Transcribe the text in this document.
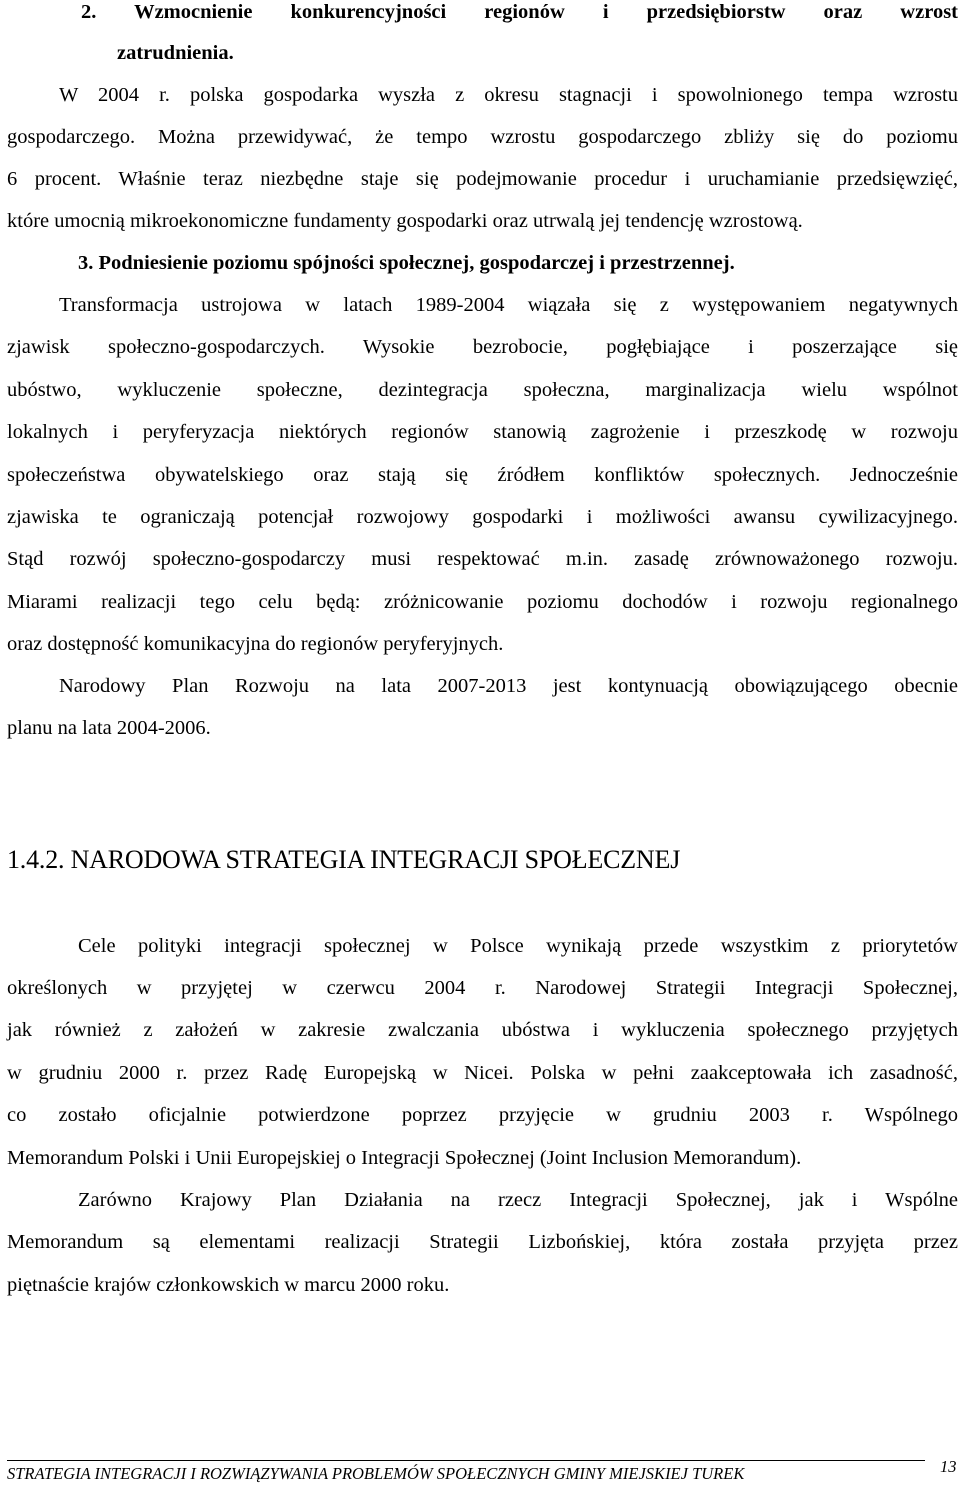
2. Wzmocnienie konkurencyjności regionów i przedsiębiorstw oraz wzrost
zatrudnienia.
W 2004 r. polska gospodarka wyszła z okresu stagnacji i spowolnionego tempa wzrostu
gospodarczego. Można przewidywać, że tempo wzrostu gospodarczego zbliży się do poziomu
6 procent. Właśnie teraz niezbędne staje się podejmowanie procedur i uruchamianie przedsięwzięć,
które umocnią mikroekonomiczne fundamenty gospodarki oraz utrwalą jej tendencję wzrostową.
3. Podniesienie poziomu spójności społecznej, gospodarczej i przestrzennej.
Transformacja ustrojowa w latach 1989-2004 wiązała się z występowaniem negatywnych
zjawisk społeczno-gospodarczych. Wysokie bezrobocie, pogłębiające i poszerzające się
ubóstwo, wykluczenie społeczne, dezintegracja społeczna, marginalizacja wielu wspólnot
lokalnych i peryferyzacja niektórych regionów stanowią zagrożenie i przeszkodę w rozwoju
społeczeństwa obywatelskiego oraz stają się źródłem konfliktów społecznych. Jednocześnie
zjawiska te ograniczają potencjał rozwojowy gospodarki i możliwości awansu cywilizacyjnego.
Stąd rozwój społeczno-gospodarczy musi respektować m.in. zasadę zrównoważonego rozwoju.
Miarami realizacji tego celu będą: zróżnicowanie poziomu dochodów i rozwoju regionalnego
oraz dostępność komunikacyjna do regionów peryferyjnych.
Narodowy Plan Rozwoju na lata 2007-2013 jest kontynuacją obowiązującego obecnie
planu na lata 2004-2006.
1.4.2. NARODOWA STRATEGIA INTEGRACJI SPOŁECZNEJ
Cele polityki integracji społecznej w Polsce wynikają przede wszystkim z priorytetów
określonych w przyjętej w czerwcu 2004 r. Narodowej Strategii Integracji Społecznej,
jak również z założeń w zakresie zwalczania ubóstwa i wykluczenia społecznego przyjętych
w grudniu 2000 r. przez Radę Europejską w Nicei. Polska w pełni zaakceptowała ich zasadność,
co zostało oficjalnie potwierdzone poprzez przyjęcie w grudniu 2003 r. Wspólnego
Memorandum Polski i Unii Europejskiej o Integracji Społecznej (Joint Inclusion Memorandum).
Zarówno Krajowy Plan Działania na rzecz Integracji Społecznej, jak i Wspólne
Memorandum są elementami realizacji Strategii Lizbońskiej, która została przyjęta przez
piętnaście krajów członkowskich w marcu 2000 roku.
STRATEGIA INTEGRACJI I ROZWIĄZYWANIA PROBLEMÓW SPOŁECZNYCH GMINY MIEJSKIEJ TUREK	13
